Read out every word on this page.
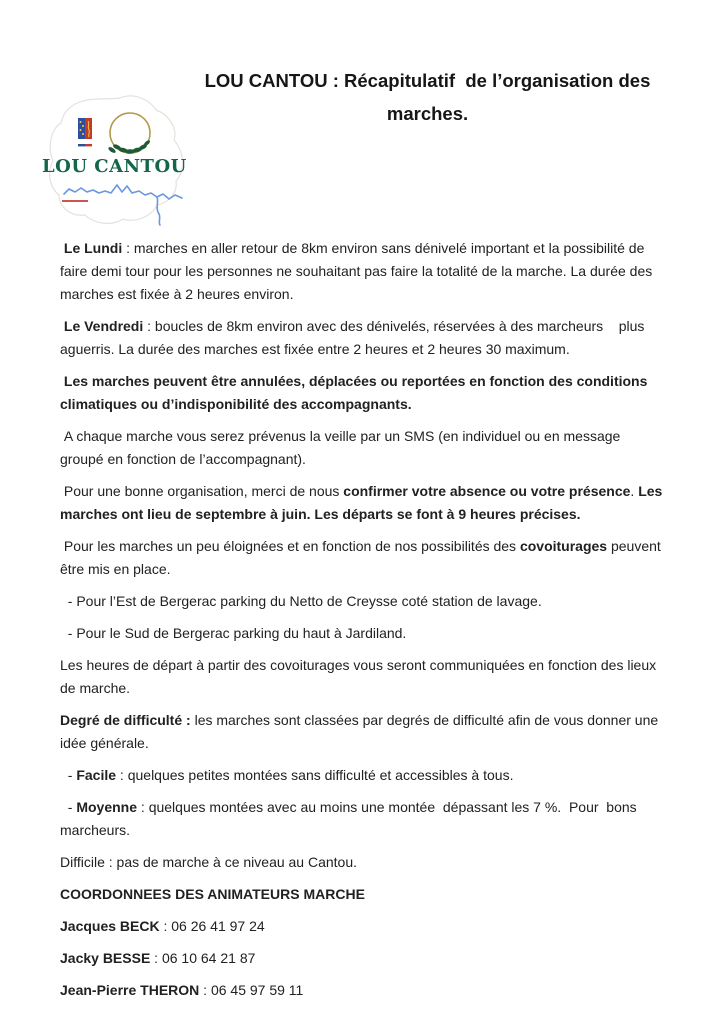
LOU CANTOU
LOU CANTOU : Récapitulatif  de l’organisation des marches.

Le Lundi : marches en aller retour de 8km environ sans dénivelé important et la possibilité de  faire demi tour pour les personnes ne souhaitant pas faire la totalité de la marche. La durée des marches est fixée à 2 heures environ.

Le Vendredi : boucles de 8km environ avec des dénivelés, réservées à des marcheurs    plus aguerris. La durée des marches est fixée entre 2 heures et 2 heures 30 maximum.

Les marches peuvent être annulées, déplacées ou reportées en fonction des conditions climatiques ou d’indisponibilité des accompagnants.

A chaque marche vous serez prévenus la veille par un SMS (en individuel ou en message groupé en fonction de l’accompagnant).

Pour une bonne organisation, merci de nous confirmer votre absence ou votre présence. Les marches ont lieu de septembre à juin. Les départs se font à 9 heures précises.

Pour les marches un peu éloignées et en fonction de nos possibilités des covoiturages peuvent être mis en place.

- Pour l’Est de Bergerac parking du Netto de Creysse coté station de lavage.

- Pour le Sud de Bergerac parking du haut à Jardiland.

Les heures de départ à partir des covoiturages vous seront communiquées en fonction des lieux de marche.

Degré de difficulté : les marches sont classées par degrés de difficulté afin de vous donner une idée générale.

- Facile : quelques petites montées sans difficulté et accessibles à tous.

- Moyenne : quelques montées avec au moins une montée  dépassant les 7 %.  Pour  bons marcheurs.

Difficile : pas de marche à ce niveau au Cantou.

COORDONNEES DES ANIMATEURS MARCHE

Jacques BECK : 06 26 41 97 24

Jacky BESSE : 06 10 64 21 87

Jean-Pierre THERON : 06 45 97 59 11
